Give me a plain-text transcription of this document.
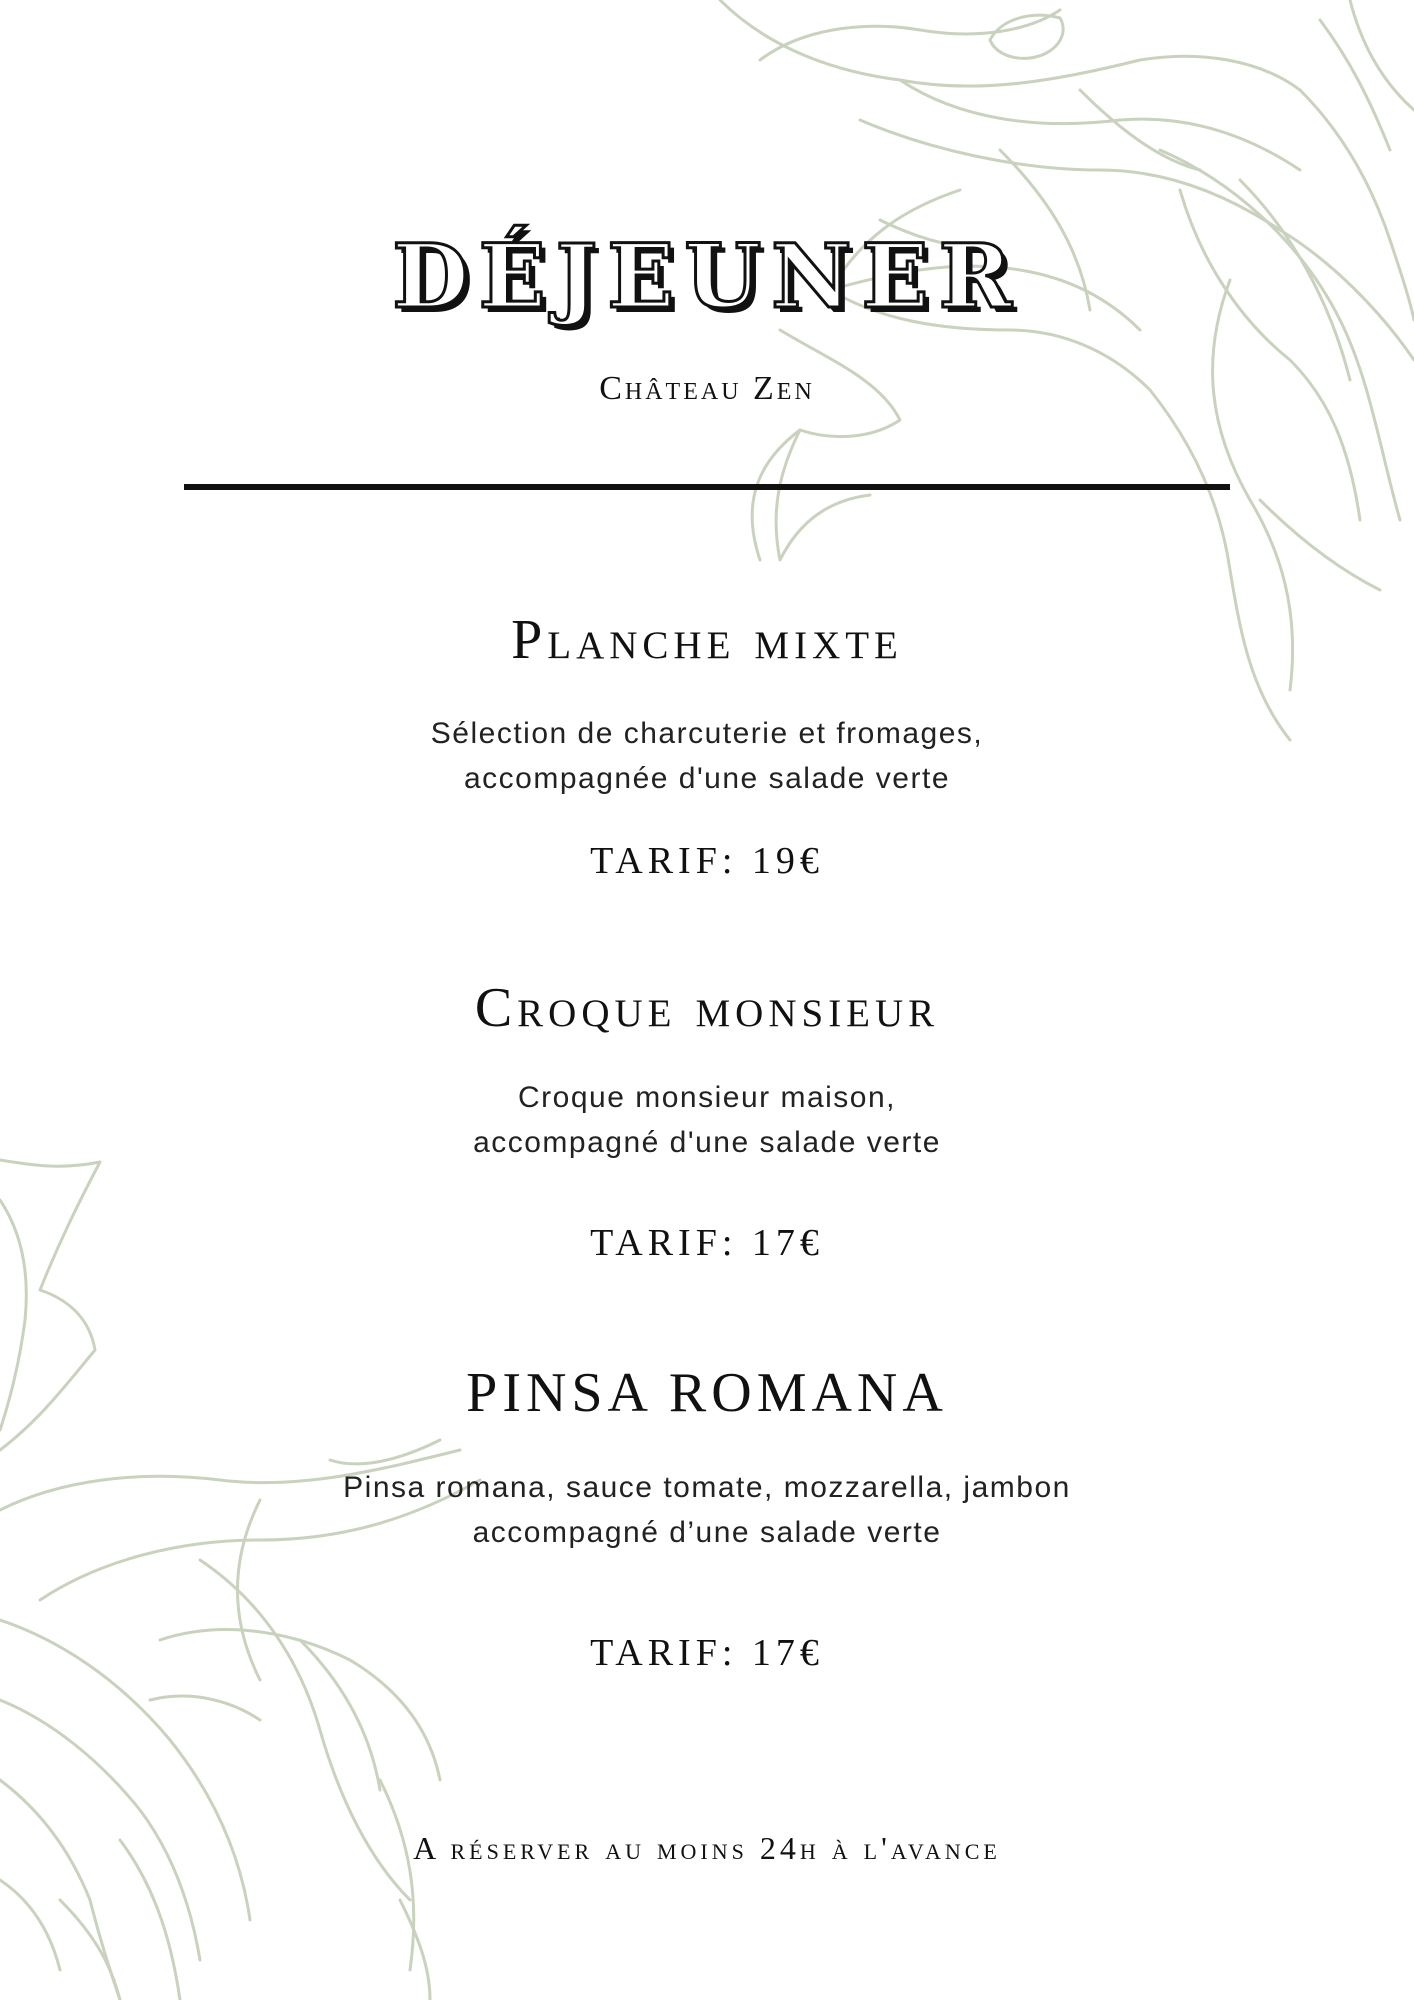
DÉJEUNER
Château Zen
Planche mixte
Sélection de charcuterie et fromages,
accompagnée d'une salade verte
TARIF: 19€
Croque monsieur
Croque monsieur maison,
accompagné d'une salade verte
TARIF: 17€
PINSA ROMANA
Pinsa romana, sauce tomate, mozzarella, jambon
accompagné d’une salade verte
TARIF: 17€
A réserver au moins 24h à l'avance
